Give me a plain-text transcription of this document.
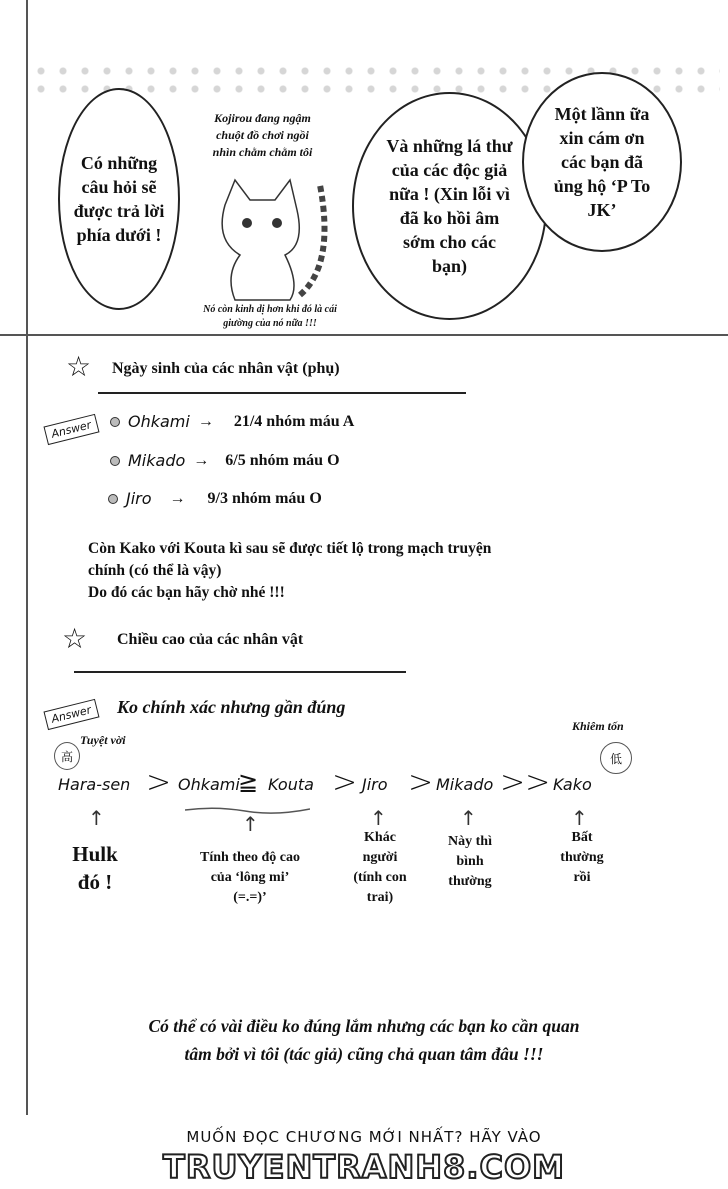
Có những câu hỏi sẽ được trả lời phía dưới !
Kojirou đang ngậm chuột đồ chơi ngồi nhìn chằm chằm tôi
Nó còn kinh dị hơn khi đó là cái giường của nó nữa !!!
Và những lá thư của các độc giả nữa ! (Xin lỗi vì đã ko hồi âm sớm cho các bạn)
Một lầnn ữa xin cám ơn các bạn đã ủng hộ ‘P To JK’
☆ Ngày sinh của các nhân vật (phụ)
Answer	Ohkami → 21/4 nhóm máu A
Mikado → 6/5 nhóm máu O
Jiro → 9/3 nhóm máu O
Còn Kako với Kouta kì sau sẽ được tiết lộ trong mạch truyện
chính (có thể là vậy)
Do đó các bạn hãy chờ nhé !!!
☆ Chiều cao của các nhân vật
Answer	Ko chính xác nhưng gần đúng
高
Tuyệt vời
Khiêm tốn
低
Hara-sen > Ohkami
≧ Kouta > Jiro > Mikado >> Kako
↑	↑	↑	↑	↑
Hulk
đó !
Tính theo độ cao
của ‘lông mi’
(=.=)’
Khác
người
(tính con
trai)
Này thì
bình
thường
Bất
thường
rồi
Có thể có vài điều ko đúng lắm nhưng các bạn ko cần quan
tâm bởi vì tôi (tác giả) cũng chả quan tâm đâu !!!
MUỐN ĐỌC CHƯƠNG MỚI NHẤT? HÃY VÀO
TRUYENTRANH8.COM
